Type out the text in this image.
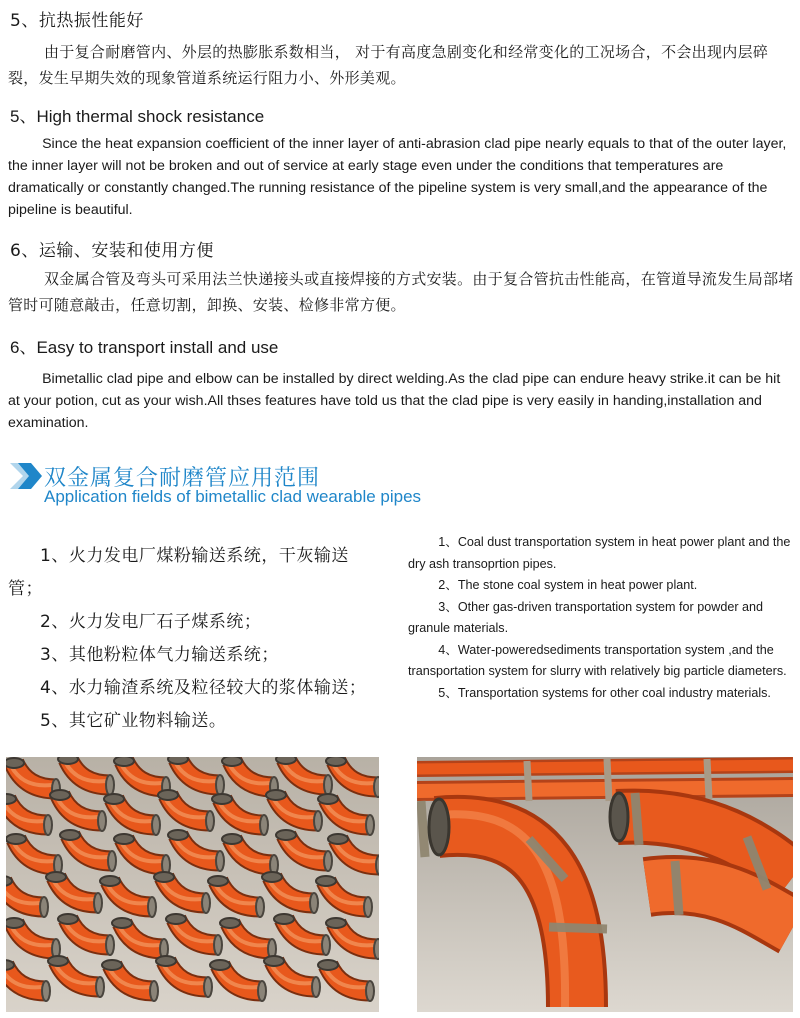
5、抗热振性能好
由于复合耐磨管内、外层的热膨胀系数相当， 对于有高度急剧变化和经常变化的工况场合，不会出现内层碎裂，发生早期失效的现象管道系统运行阻力小、外形美观。
5、High thermal shock resistance
Since the heat expansion coefficient of the inner layer of anti-abrasion clad pipe nearly equals to that of the outer layer, the inner layer will not be broken and out of service at early stage even under the conditions that temperatures are dramatically or constantly changed.The running resistance of the pipeline system is very small,and the appearance of the pipeline is beautiful.
6、运输、安装和使用方便
双金属合管及弯头可采用法兰快递接头或直接焊接的方式安装。由于复合管抗击性能高，在管道导流发生局部堵管时可随意敲击，任意切割，卸换、安装、检修非常方便。
6、Easy to transport install and use
Bimetallic clad pipe and elbow can be installed by direct welding.As the clad pipe can endure heavy strike.it can be hit at your potion, cut as your wish.All thses features have told us that the clad pipe is very easily in handing,installation and examination.
双金属复合耐磨管应用范围
Application fields of bimetallic clad wearable pipes
1、火力发电厂煤粉输送系统，干灰输送
管；
2、火力发电厂石子煤系统；
3、其他粉粒体气力输送系统；
4、水力输渣系统及粒径较大的浆体输送；
5、其它矿业物料输送。

1、Coal dust transportation system in heat power plant and the dry ash transoprtion pipes.

2、The stone coal system in heat power plant.

3、Other gas-driven transportation system for powder and granule materials.

4、Water-poweredsediments transportation system ,and the transportation system for slurry with relatively big particle diameters.

5、Transportation systems for other coal industry materials.
